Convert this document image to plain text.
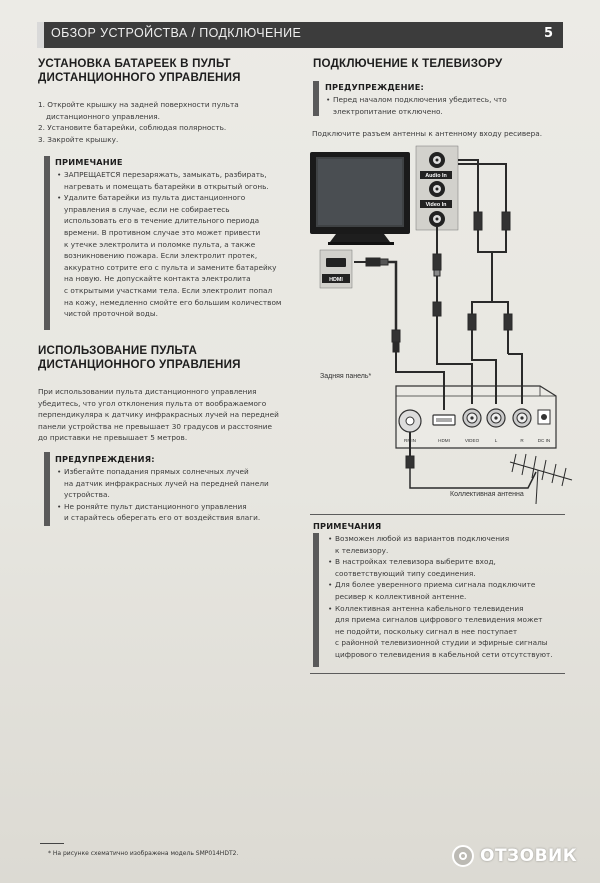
ОБЗОР УСТРОЙСТВА / ПОДКЛЮЧЕНИЕ	5
УСТАНОВКА БАТАРЕЕК В ПУЛЬТ
ДИСТАНЦИОННОГО УПРАВЛЕНИЯ

1. Откройте крышку на задней поверхности пульта

дистанционного управления.

2. Установите батарейки, соблюдая полярность.

3. Закройте крышку.

ПРИМЕЧАНИЕ
• ЗАПРЕЩАЕТСЯ перезаряжать, замыкать, разбирать,

нагревать и помещать батарейки в открытый огонь.

• Удалите батарейки из пульта дистанционного

управления в случае, если не собираетесь

использовать его в течение длительного периода

времени. В противном случае это может привести

к утечке электролита и поломке пульта, а также

возникновению пожара. Если электролит протек,

аккуратно сотрите его с пульта и замените батарейку

на новую. Не допускайте контакта электролита

с открытыми участками тела. Если электролит попал

на кожу, немедленно смойте его большим количеством

чистой проточной воды.

ИСПОЛЬЗОВАНИЕ ПУЛЬТА
ДИСТАНЦИОННОГО УПРАВЛЕНИЯ

При использовании пульта дистанционного управления

убедитесь, что угол отклонения пульта от воображаемого

перпендикуляра к датчику инфракрасных лучей на передней

панели устройства не превышает 30 градусов и расстояние

до приставки не превышает 5 метров.

ПРЕДУПРЕЖДЕНИЯ:
• Избегайте попадания прямых солнечных лучей

на датчик инфракрасных лучей на передней панели

устройства.

• Не роняйте пульт дистанционного управления

и старайтесь оберегать его от воздействия влаги.

ПОДКЛЮЧЕНИЕ К ТЕЛЕВИЗОРУ
ПРЕДУПРЕЖДЕНИЕ:
• Перед началом подключения убедитесь, что

электропитание отключено.

Подключите разъем антенны к антенному входу ресивера.
Audio In
Video In
HDMI
Задняя панель*
RF IN	HDMI	VIDEO	L	R	DC IN
Коллективная антенна
ПРИМЕЧАНИЯ
• Возможен любой из вариантов подключения

к телевизору.

• В настройках телевизора выберите вход,

соответствующий типу соединения.

• Для более уверенного приема сигнала подключите

ресивер к коллективной антенне.

• Коллективная антенна кабельного телевидения

для приема сигналов цифрового телевидения может

не подойти, поскольку сигнал в нее поступает

с районной телевизионной студии и эфирные сигналы

цифрового телевидения в кабельной сети отсутствуют.

* На рисунке схематично изображена модель SMP014HDT2.	ОТЗОВИК
